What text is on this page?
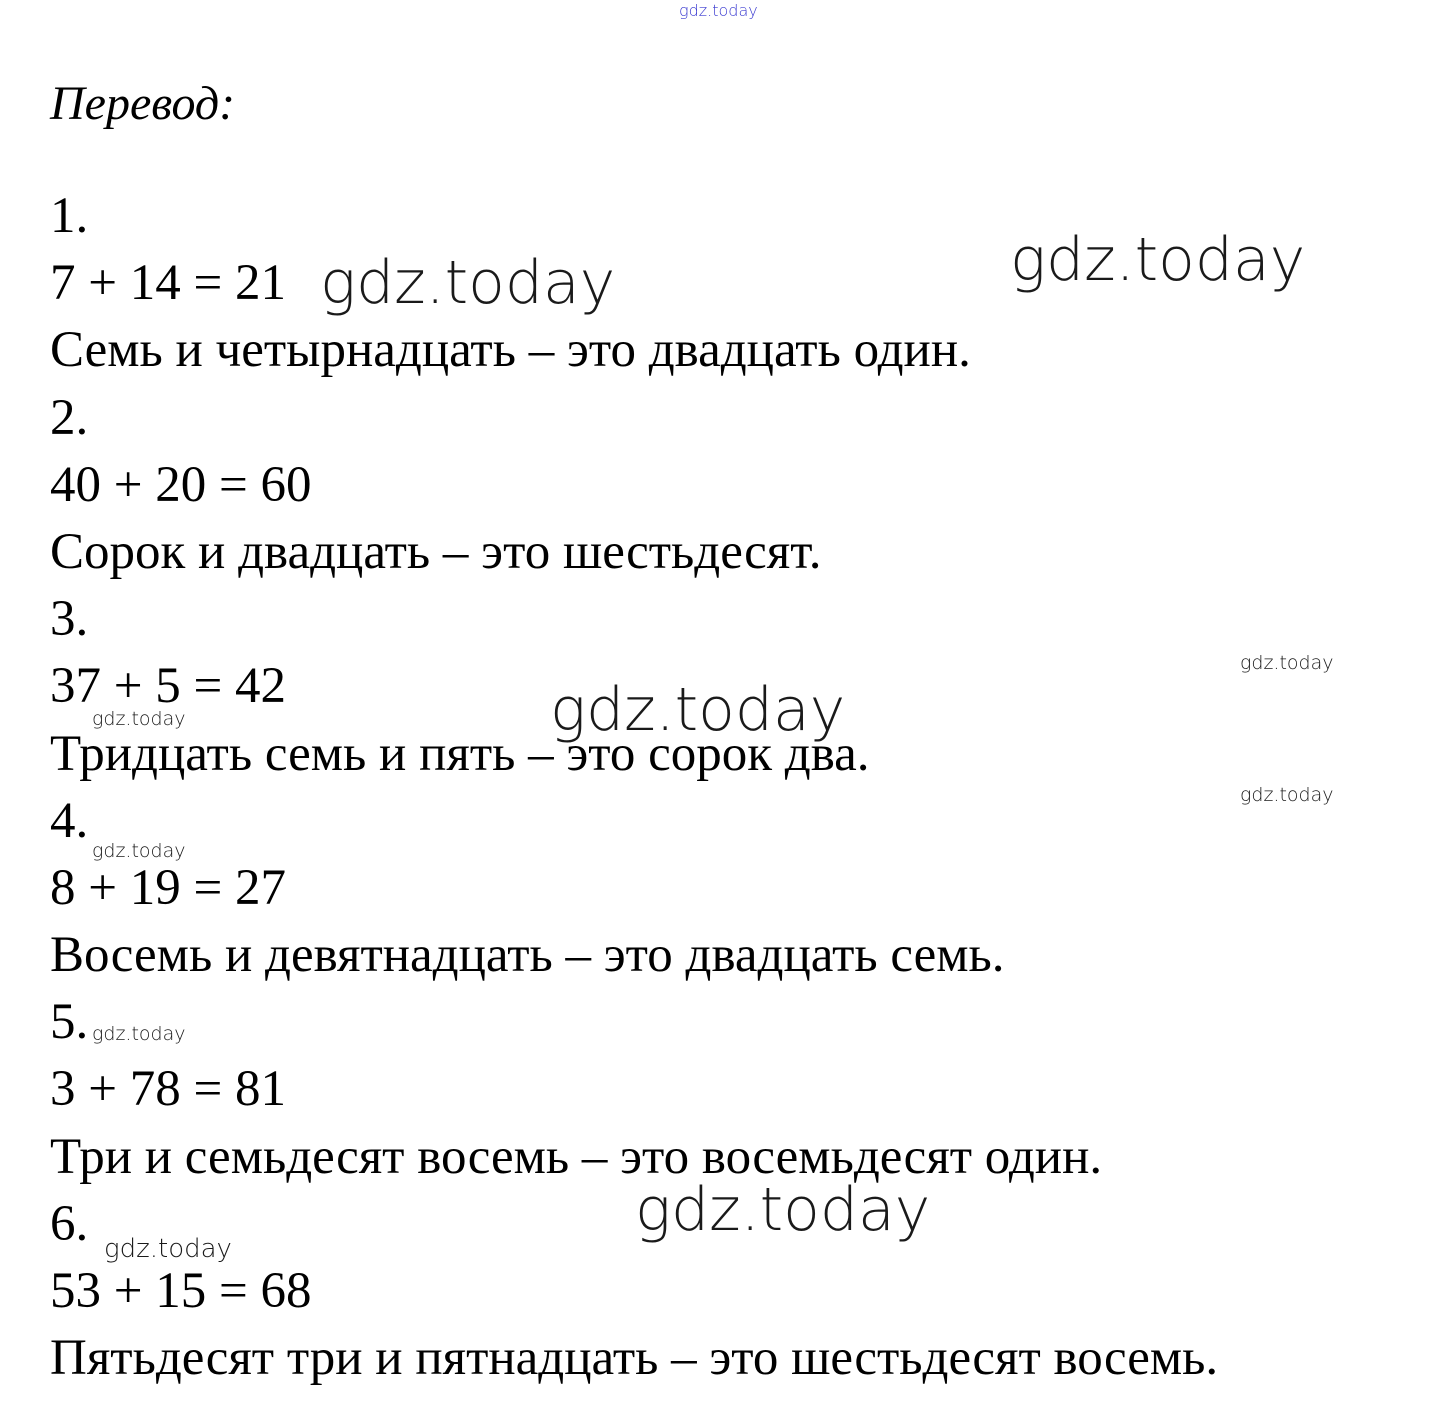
gdz.today
Перевод:
1.
7 + 14 = 21
Семь и четырнадцать – это двадцать один.
2.
40 + 20 = 60
Сорок и двадцать – это шестьдесят.
3.
37 + 5 = 42
Тридцать семь и пять – это сорок два.
4.
8 + 19 = 27
Восемь и девятнадцать – это двадцать семь.
5.
3 + 78 = 81
Три и семьдесят восемь – это восемьдесят один.
6.
53 + 15 = 68
Пятьдесят три и пятнадцать – это шестьдесят восемь.
gdz.today
gdz.today
gdz.today
gdz.today
gdz.today
gdz.today
gdz.today
gdz.today
gdz.today
gdz.today
